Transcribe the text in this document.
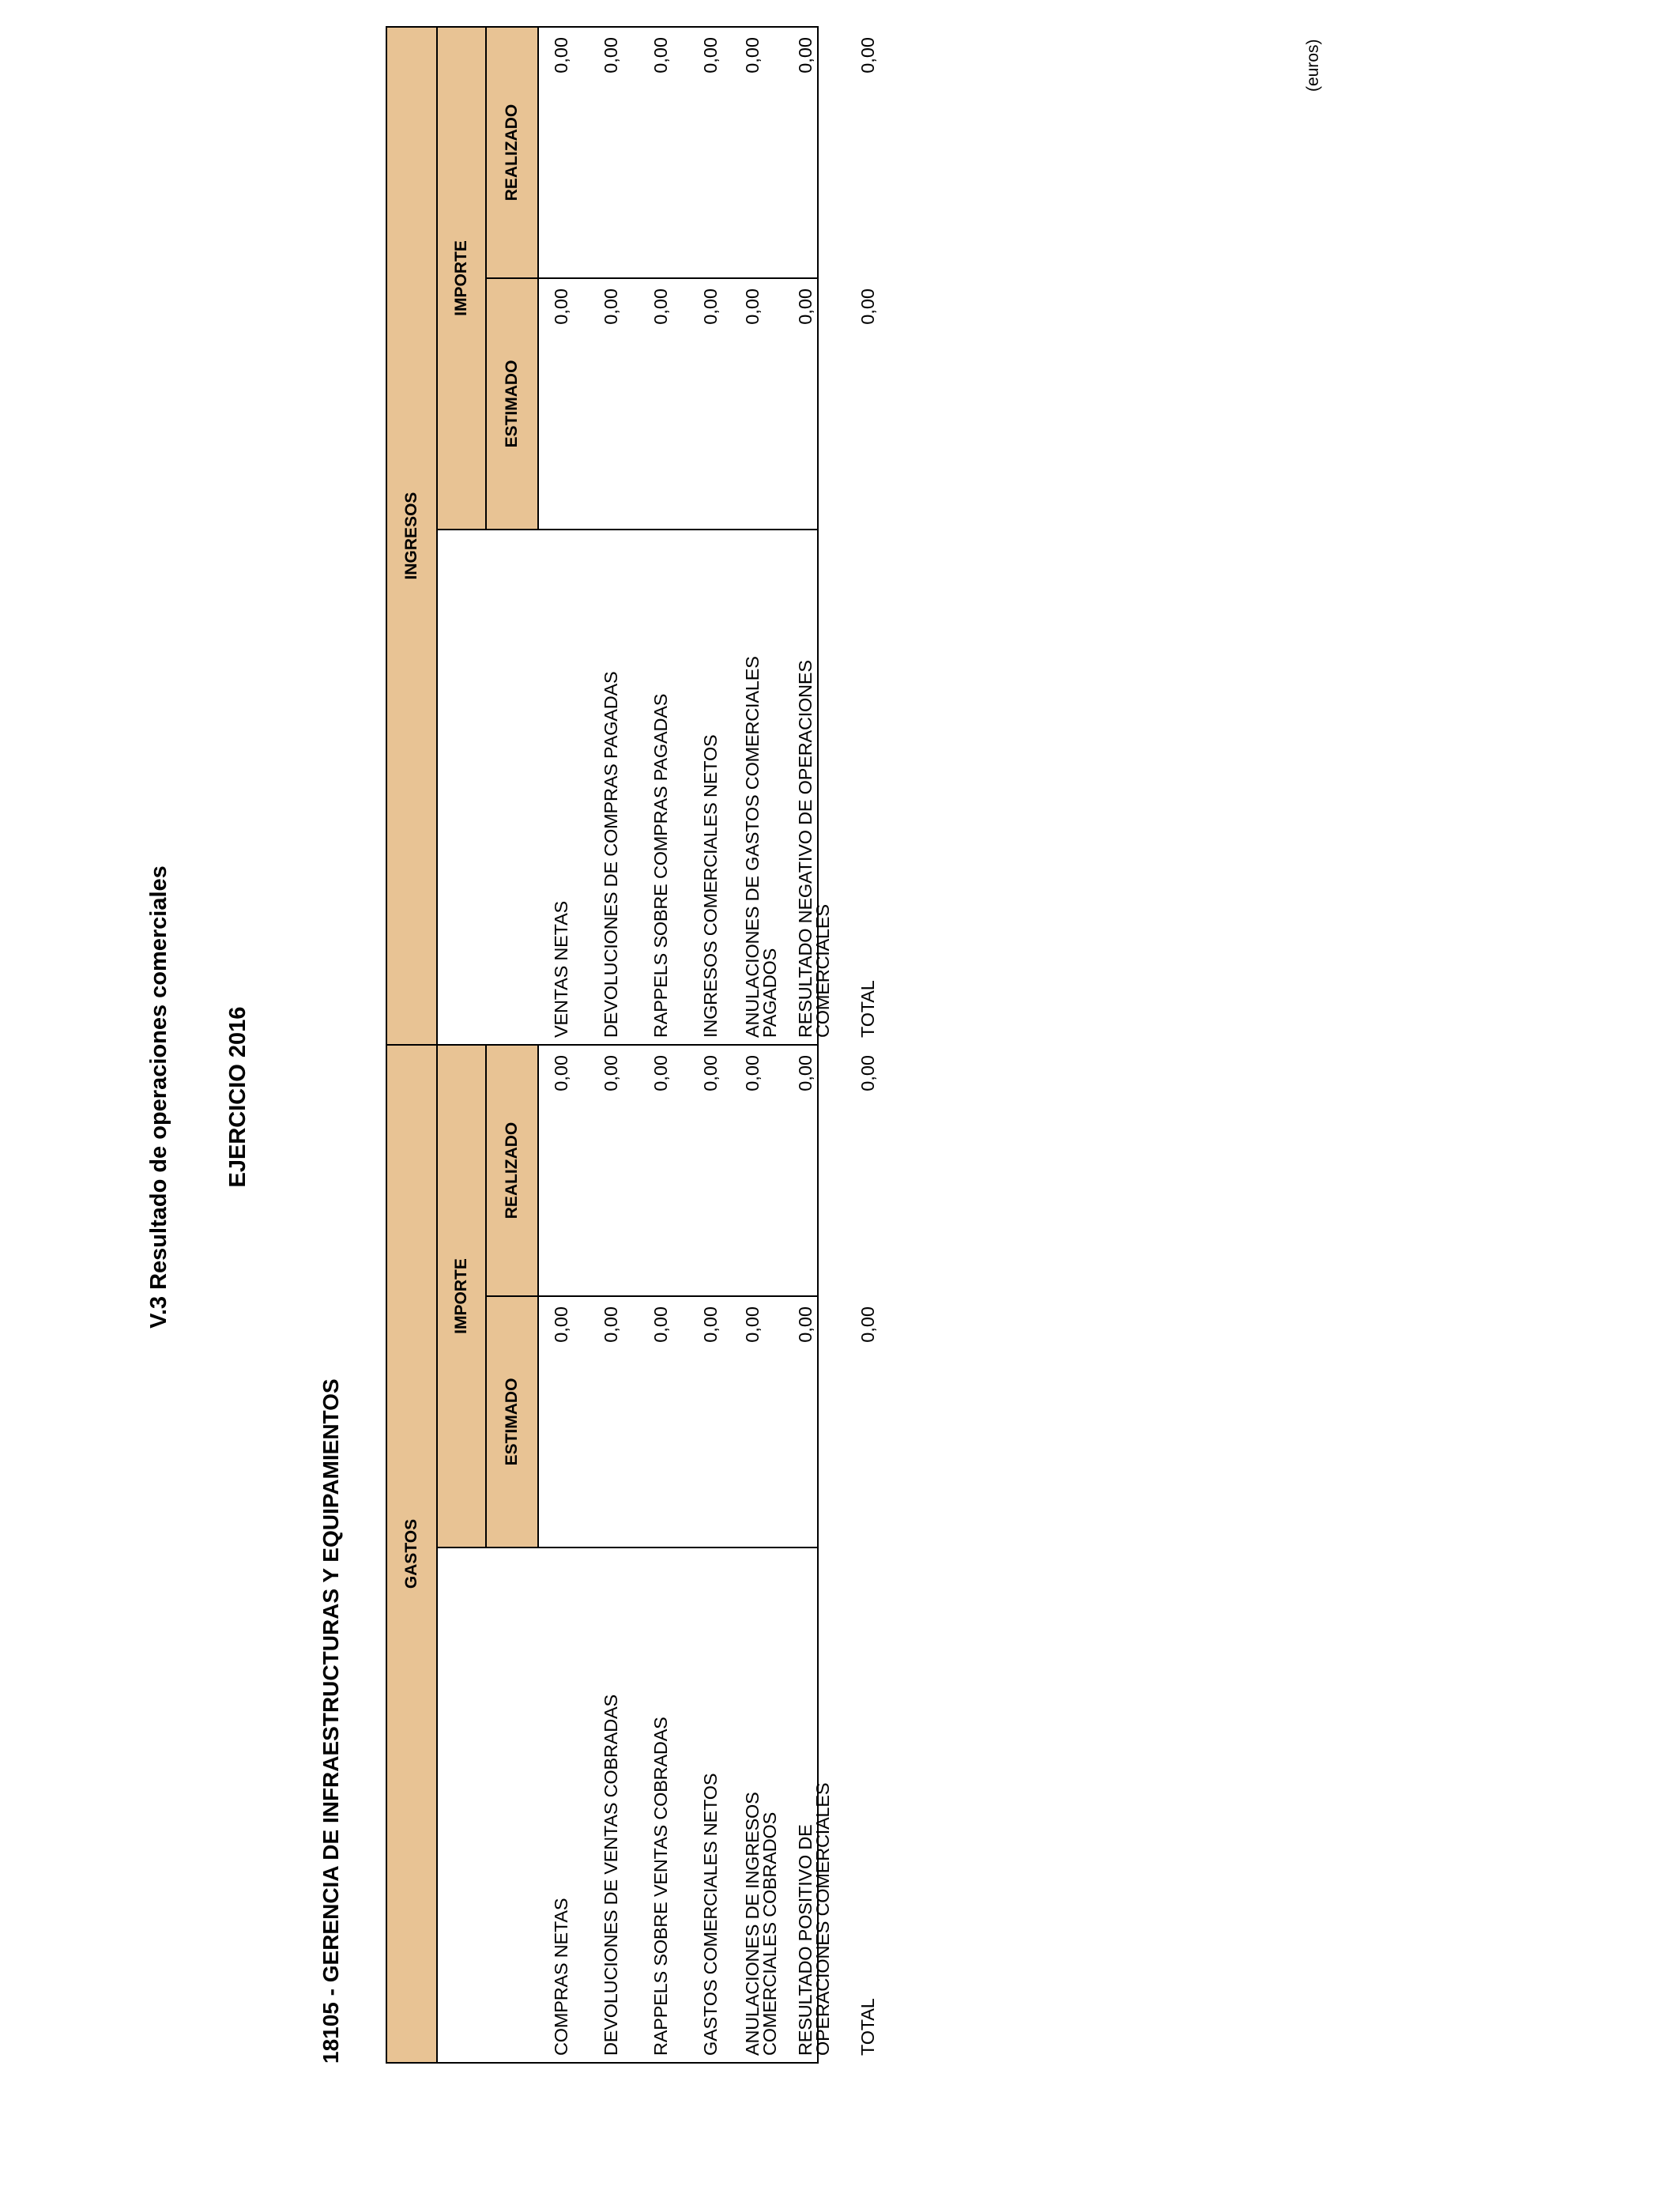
V.3 Resultado de operaciones comerciales EJERCICIO 2016
18105 - GERENCIA DE INFRAESTRUCTURAS Y EQUIPAMIENTOS
(euros)
GASTOS
IMPORTE
ESTIMADO
REALIZADO
COMPRAS NETAS
0,00
0,00
DEVOLUCIONES DE VENTAS COBRADAS
0,00
0,00
RAPPELS SOBRE VENTAS COBRADAS
0,00
0,00
GASTOS COMERCIALES NETOS
0,00
0,00
ANULACIONES DE INGRESOS COMERCIALES COBRADOS
0,00
0,00
RESULTADO POSITIVO DE OPERACIONES COMERCIALES
0,00
0,00
TOTAL
0,00
0,00
INGRESOS
IMPORTE
ESTIMADO
REALIZADO
VENTAS NETAS
0,00
0,00
DEVOLUCIONES DE COMPRAS PAGADAS
0,00
0,00
RAPPELS SOBRE COMPRAS PAGADAS
0,00
0,00
INGRESOS COMERCIALES NETOS
0,00
0,00
ANULACIONES DE GASTOS COMERCIALES PAGADOS
0,00
0,00
RESULTADO NEGATIVO DE OPERACIONES COMERCIALES
0,00
0,00
TOTAL
0,00
0,00
